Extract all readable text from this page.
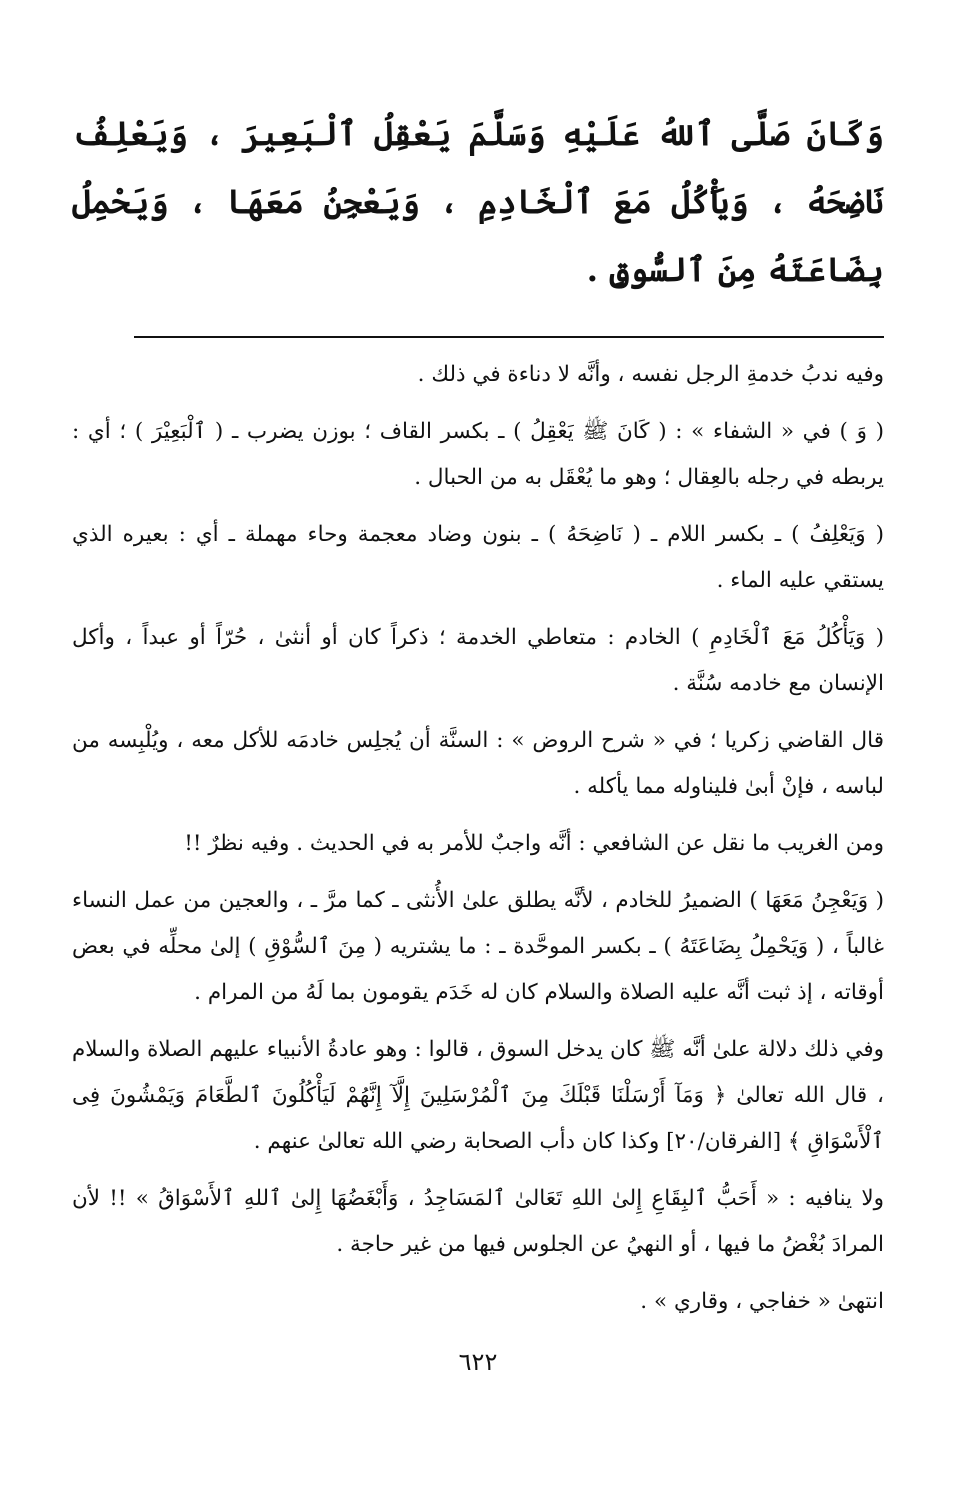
وَكَانَ صَلَّى ٱللهُ عَلَيْهِ وَسَلَّمَ يَعْقِلُ ٱلْبَعِيرَ ، وَيَعْلِفُ نَاضِحَهُ ، وَيَأْكُلُ مَعَ ٱلْخَادِمِ ، وَيَعْجِنُ مَعَهَا ، وَيَحْمِلُ بِضَاعَتَهُ مِنَ ٱلسُّوقِ .

وفيه ندبُ خدمةِ الرجل نفسه ، وأنَّه لا دناءة في ذلك .

( وَ ) في « الشفاء » : ( كَانَ ﷺ يَعْقِلُ ) ـ بكسر القاف ؛ بوزن يضرب ـ ( ٱلْبَعِيْرَ ) ؛ أي : يربطه في رجله بالعِقال ؛ وهو ما يُعْقَل به من الحبال .

( وَيَعْلِفُ ) ـ بكسر اللام ـ ( نَاضِحَهُ ) ـ بنون وضاد معجمة وحاء مهملة ـ أي : بعيره الذي يستقي عليه الماء .

( وَيَأْكُلُ مَعَ ٱلْخَادِمِ ) الخادم : متعاطي الخدمة ؛ ذكراً كان أو أنثىٰ ، حُرّاً أو عبداً ، وأكل الإنسان مع خادمه سُنَّة .

قال القاضي زكريا ؛ في « شرح الروض » : السنَّة أن يُجلِس خادمَه للأكل معه ، ويُلْبِسه من لباسه ، فإنْ أبىٰ فليناوله مما يأكله .

ومن الغريب ما نقل عن الشافعي : أنَّه واجبٌ للأمر به في الحديث . وفيه نظرٌ !!

( وَيَعْجِنُ مَعَهَا ) الضميرُ للخادم ، لأنَّه يطلق علىٰ الأُنثى ـ كما مرَّ ـ ، والعجين من عمل النساء غالباً ، ( وَيَحْمِلُ بِضَاعَتَهُ ) ـ بكسر الموحَّدة ـ : ما يشتريه ( مِنَ ٱلسُّوْقِ ) إلىٰ محلِّه في بعض أوقاته ، إذ ثبت أنَّه عليه الصلاة والسلام كان له خَدَم يقومون بما لَهُ من المرام .

وفي ذلك دلالة علىٰ أنَّه ﷺ كان يدخل السوق ، قالوا : وهو عادةُ الأنبياء عليهم الصلاة والسلام ، قال الله تعالىٰ ﴿ وَمَآ أَرْسَلْنَا قَبْلَكَ مِنَ ٱلْمُرْسَلِينَ إِلَّآ إِنَّهُمْ لَيَأْكُلُونَ ٱلطَّعَامَ وَيَمْشُونَ فِى ٱلْأَسْوَاقِ ﴾ [الفرقان/٢٠] وكذا كان دأب الصحابة رضي الله تعالىٰ عنهم .

ولا ينافيه : « أَحَبُّ ٱلبِقَاعِ إِلىٰ اللهِ تَعَالىٰ ٱلمَسَاجِدُ ، وَأَبْغَضُهَا إِلىٰ ٱللهِ ٱلأَسْوَاقُ » !! لأن المرادَ بُغْضُ ما فيها ، أو النهيُ عن الجلوس فيها من غير حاجة .

انتهىٰ « خفاجي ، وقاري » .

٦٢٢
